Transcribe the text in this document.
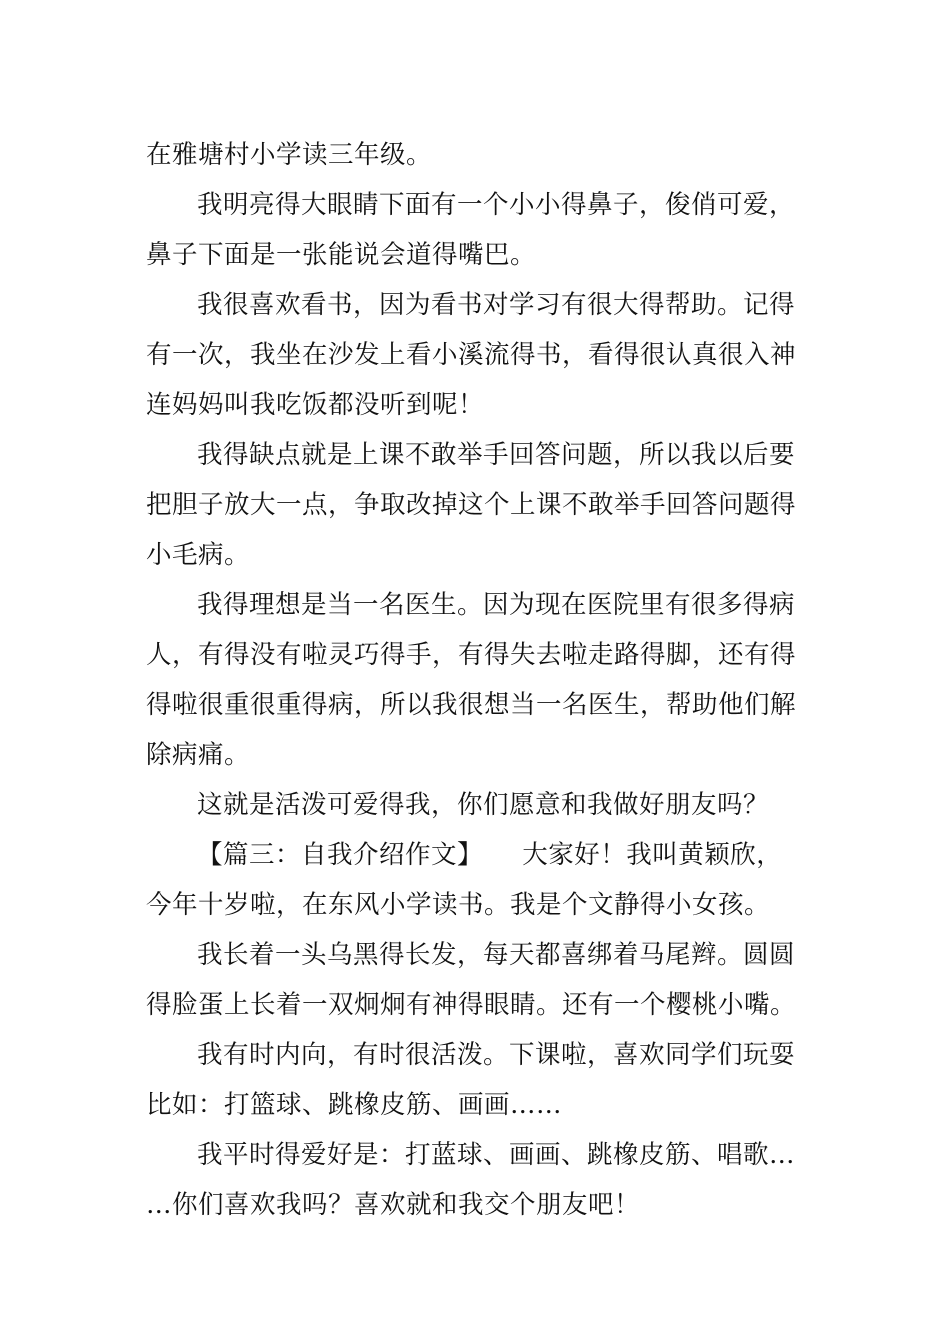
在雅塘村小学读三年级。
我明亮得大眼睛下面有一个小小得鼻子，俊俏可爱，
鼻子下面是一张能说会道得嘴巴。
我很喜欢看书，因为看书对学习有很大得帮助。记得
有一次，我坐在沙发上看小溪流得书，看得很认真很入神
连妈妈叫我吃饭都没听到呢！
我得缺点就是上课不敢举手回答问题，所以我以后要
把胆子放大一点，争取改掉这个上课不敢举手回答问题得
小毛病。
我得理想是当一名医生。因为现在医院里有很多得病
人，有得没有啦灵巧得手，有得失去啦走路得脚，还有得
得啦很重很重得病，所以我很想当一名医生，帮助他们解
除病痛。
这就是活泼可爱得我，你们愿意和我做好朋友吗？
【篇三：自我介绍作文】　　大家好！我叫黄颖欣，
今年十岁啦，在东风小学读书。我是个文静得小女孩。
我长着一头乌黑得长发，每天都喜绑着马尾辫。圆圆
得脸蛋上长着一双炯炯有神得眼睛。还有一个樱桃小嘴。
我有时内向，有时很活泼。下课啦，喜欢同学们玩耍
比如：打篮球、跳橡皮筋、画画……
我平时得爱好是：打蓝球、画画、跳橡皮筋、唱歌…
…你们喜欢我吗？喜欢就和我交个朋友吧！
